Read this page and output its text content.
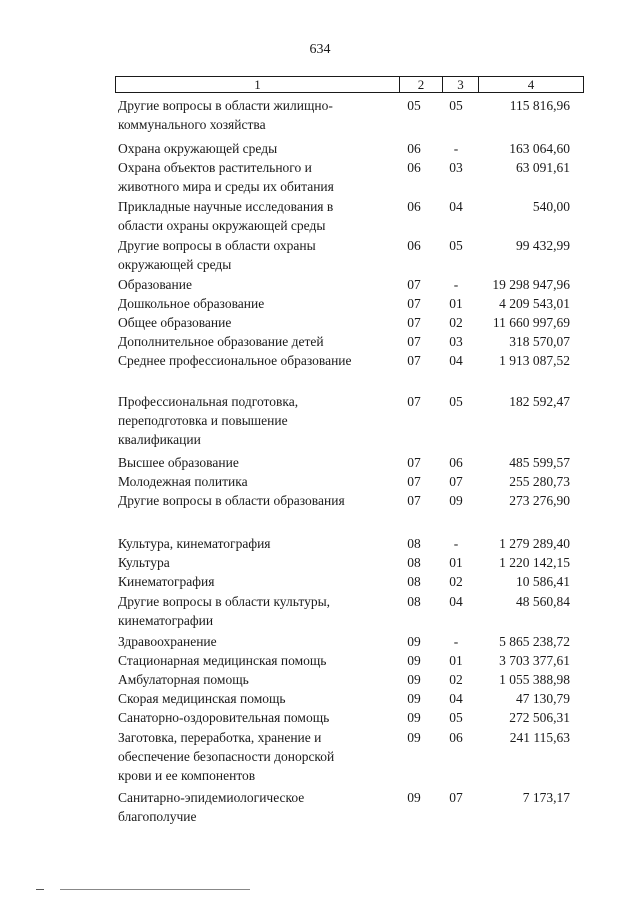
634
1	2	3	4
Другие вопросы в области жилищно-
коммунального хозяйства
05 05	115 816,96
Охрана окружающей среды	06	-	163 064,60
Охрана объектов растительного и
животного мира и среды их обитания
06 03	63 091,61
Прикладные научные исследования в
области охраны окружающей среды
06 04	540,00
Другие вопросы в области охраны
окружающей среды
06 05	99 432,99
Образование	07	-	19 298 947,96
Дошкольное образование	07 01	4 209 543,01
Общее образование	07 02	11 660 997,69
Дополнительное образование детей	07 03	318 570,07
Среднее профессиональное образование	07 04	1 913 087,52
Профессиональная подготовка,
переподготовка и повышение
квалификации
07 05	182 592,47
Высшее образование	07 06	485 599,57
Молодежная политика	07 07	255 280,73
Другие вопросы в области образования	07 09	273 276,90
Культура, кинематография	08	-	1 279 289,40
Культура	08 01	1 220 142,15
Кинематография	08 02	10 586,41
Другие вопросы в области культуры,
кинематографии
08 04	48 560,84
Здравоохранение	09	-	5 865 238,72
Стационарная медицинская помощь	09 01	3 703 377,61
Амбулаторная помощь	09 02	1 055 388,98
Скорая медицинская помощь	09 04	47 130,79
Санаторно-оздоровительная помощь	09 05	272 506,31
Заготовка, переработка, хранение и
обеспечение безопасности донорской
крови и ее компонентов
09 06	241 115,63
Санитарно-эпидемиологическое
благополучие
09 07	7 173,17
